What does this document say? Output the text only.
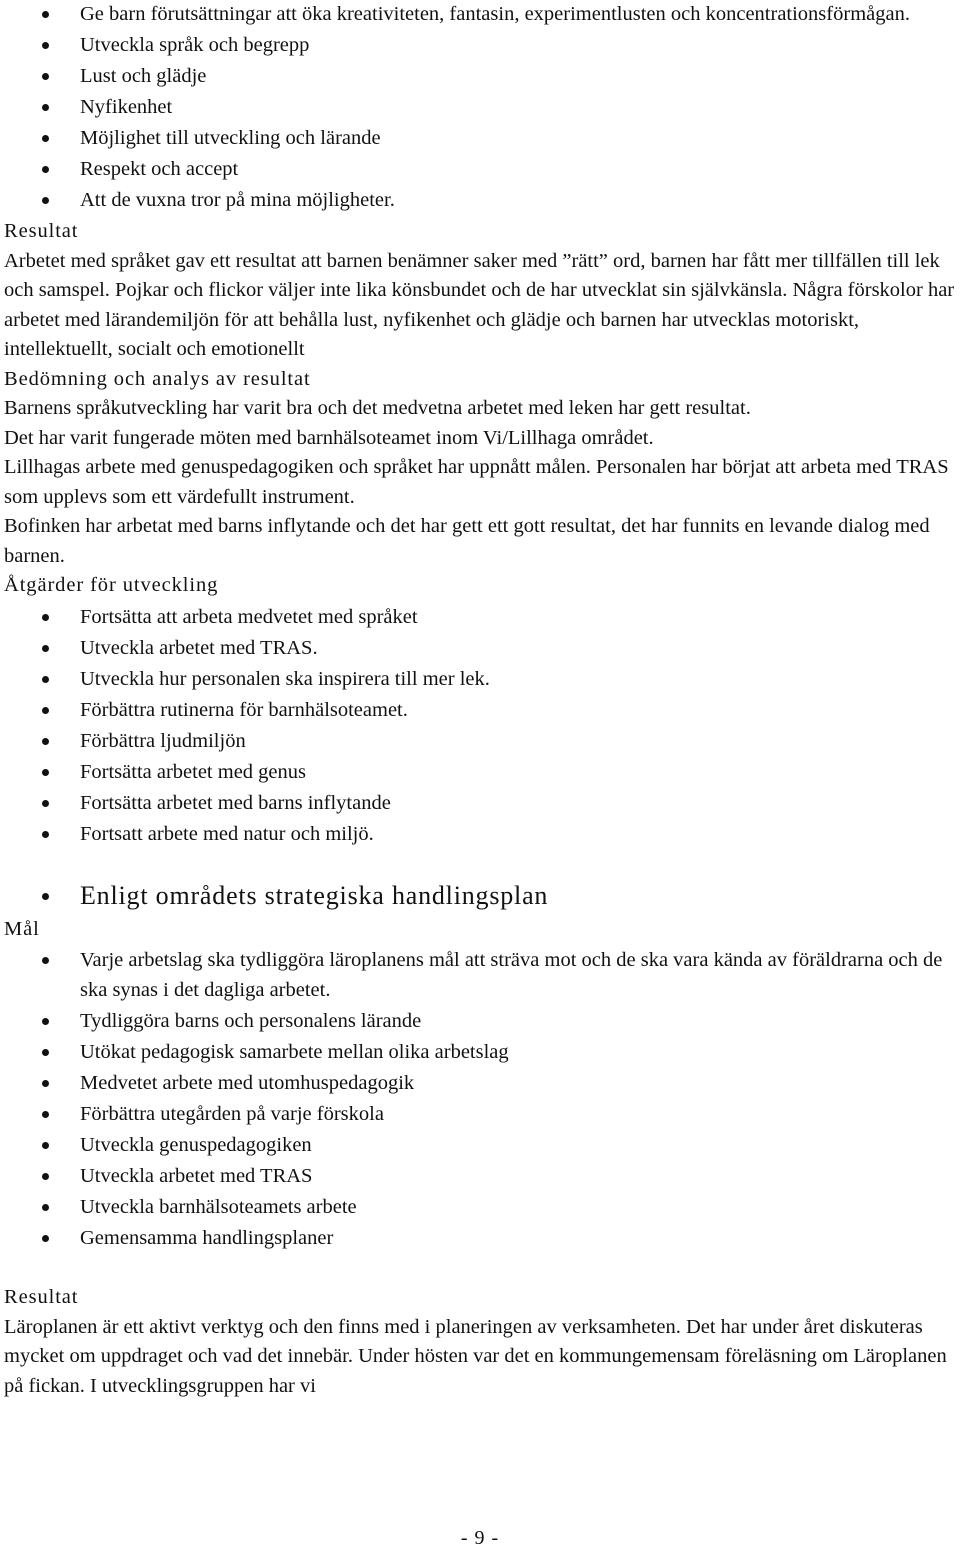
Ge barn förutsättningar att öka kreativiteten, fantasin, experimentlusten och koncentrationsförmågan.
Utveckla språk och begrepp
Lust och glädje
Nyfikenhet
Möjlighet till utveckling och lärande
Respekt och accept
Att de vuxna tror på mina möjligheter.
Resultat

Arbetet med språket gav ett resultat att barnen benämner saker med ”rätt” ord, barnen har fått mer tillfällen till lek och samspel. Pojkar och flickor väljer inte lika könsbundet och de har utvecklat sin självkänsla. Några förskolor har arbetet med lärandemiljön för att behålla lust, nyfikenhet och glädje och barnen har utvecklas motoriskt, intellektuellt, socialt och emotionellt

Bedömning och analys av resultat

Barnens språkutveckling har varit bra och det medvetna arbetet med leken har gett resultat.

Det har varit fungerade möten med barnhälsoteamet inom Vi/Lillhaga området.

Lillhagas arbete med genuspedagogiken och språket har uppnått målen. Personalen har börjat att arbeta med TRAS som upplevs som ett värdefullt instrument.

Bofinken har arbetat med barns inflytande och det har gett ett gott resultat, det har funnits en levande dialog med barnen.

Åtgärder för utveckling
Fortsätta att arbeta medvetet med språket
Utveckla arbetet med TRAS.
Utveckla hur personalen ska inspirera till mer lek.
Förbättra rutinerna för barnhälsoteamet.
Förbättra ljudmiljön
Fortsätta arbetet med genus
Fortsätta arbetet med barns inflytande
Fortsatt arbete med natur och miljö.
Enligt områdets strategiska handlingsplan
Mål
Varje arbetslag ska tydliggöra läroplanens mål att sträva mot och de ska vara kända av föräldrarna och de ska synas i det dagliga arbetet.
Tydliggöra barns och personalens lärande
Utökat pedagogisk samarbete mellan olika arbetslag
Medvetet arbete med utomhuspedagogik
Förbättra utegården på varje förskola
Utveckla genuspedagogiken
Utveckla arbetet med TRAS
Utveckla barnhälsoteamets arbete
Gemensamma handlingsplaner
Resultat

Läroplanen är ett aktivt verktyg och den finns med i planeringen av verksamheten. Det har under året diskuteras mycket om uppdraget och vad det innebär. Under hösten var det en kommungemensam föreläsning om Läroplanen på fickan. I utvecklingsgruppen har vi

- 9 -
